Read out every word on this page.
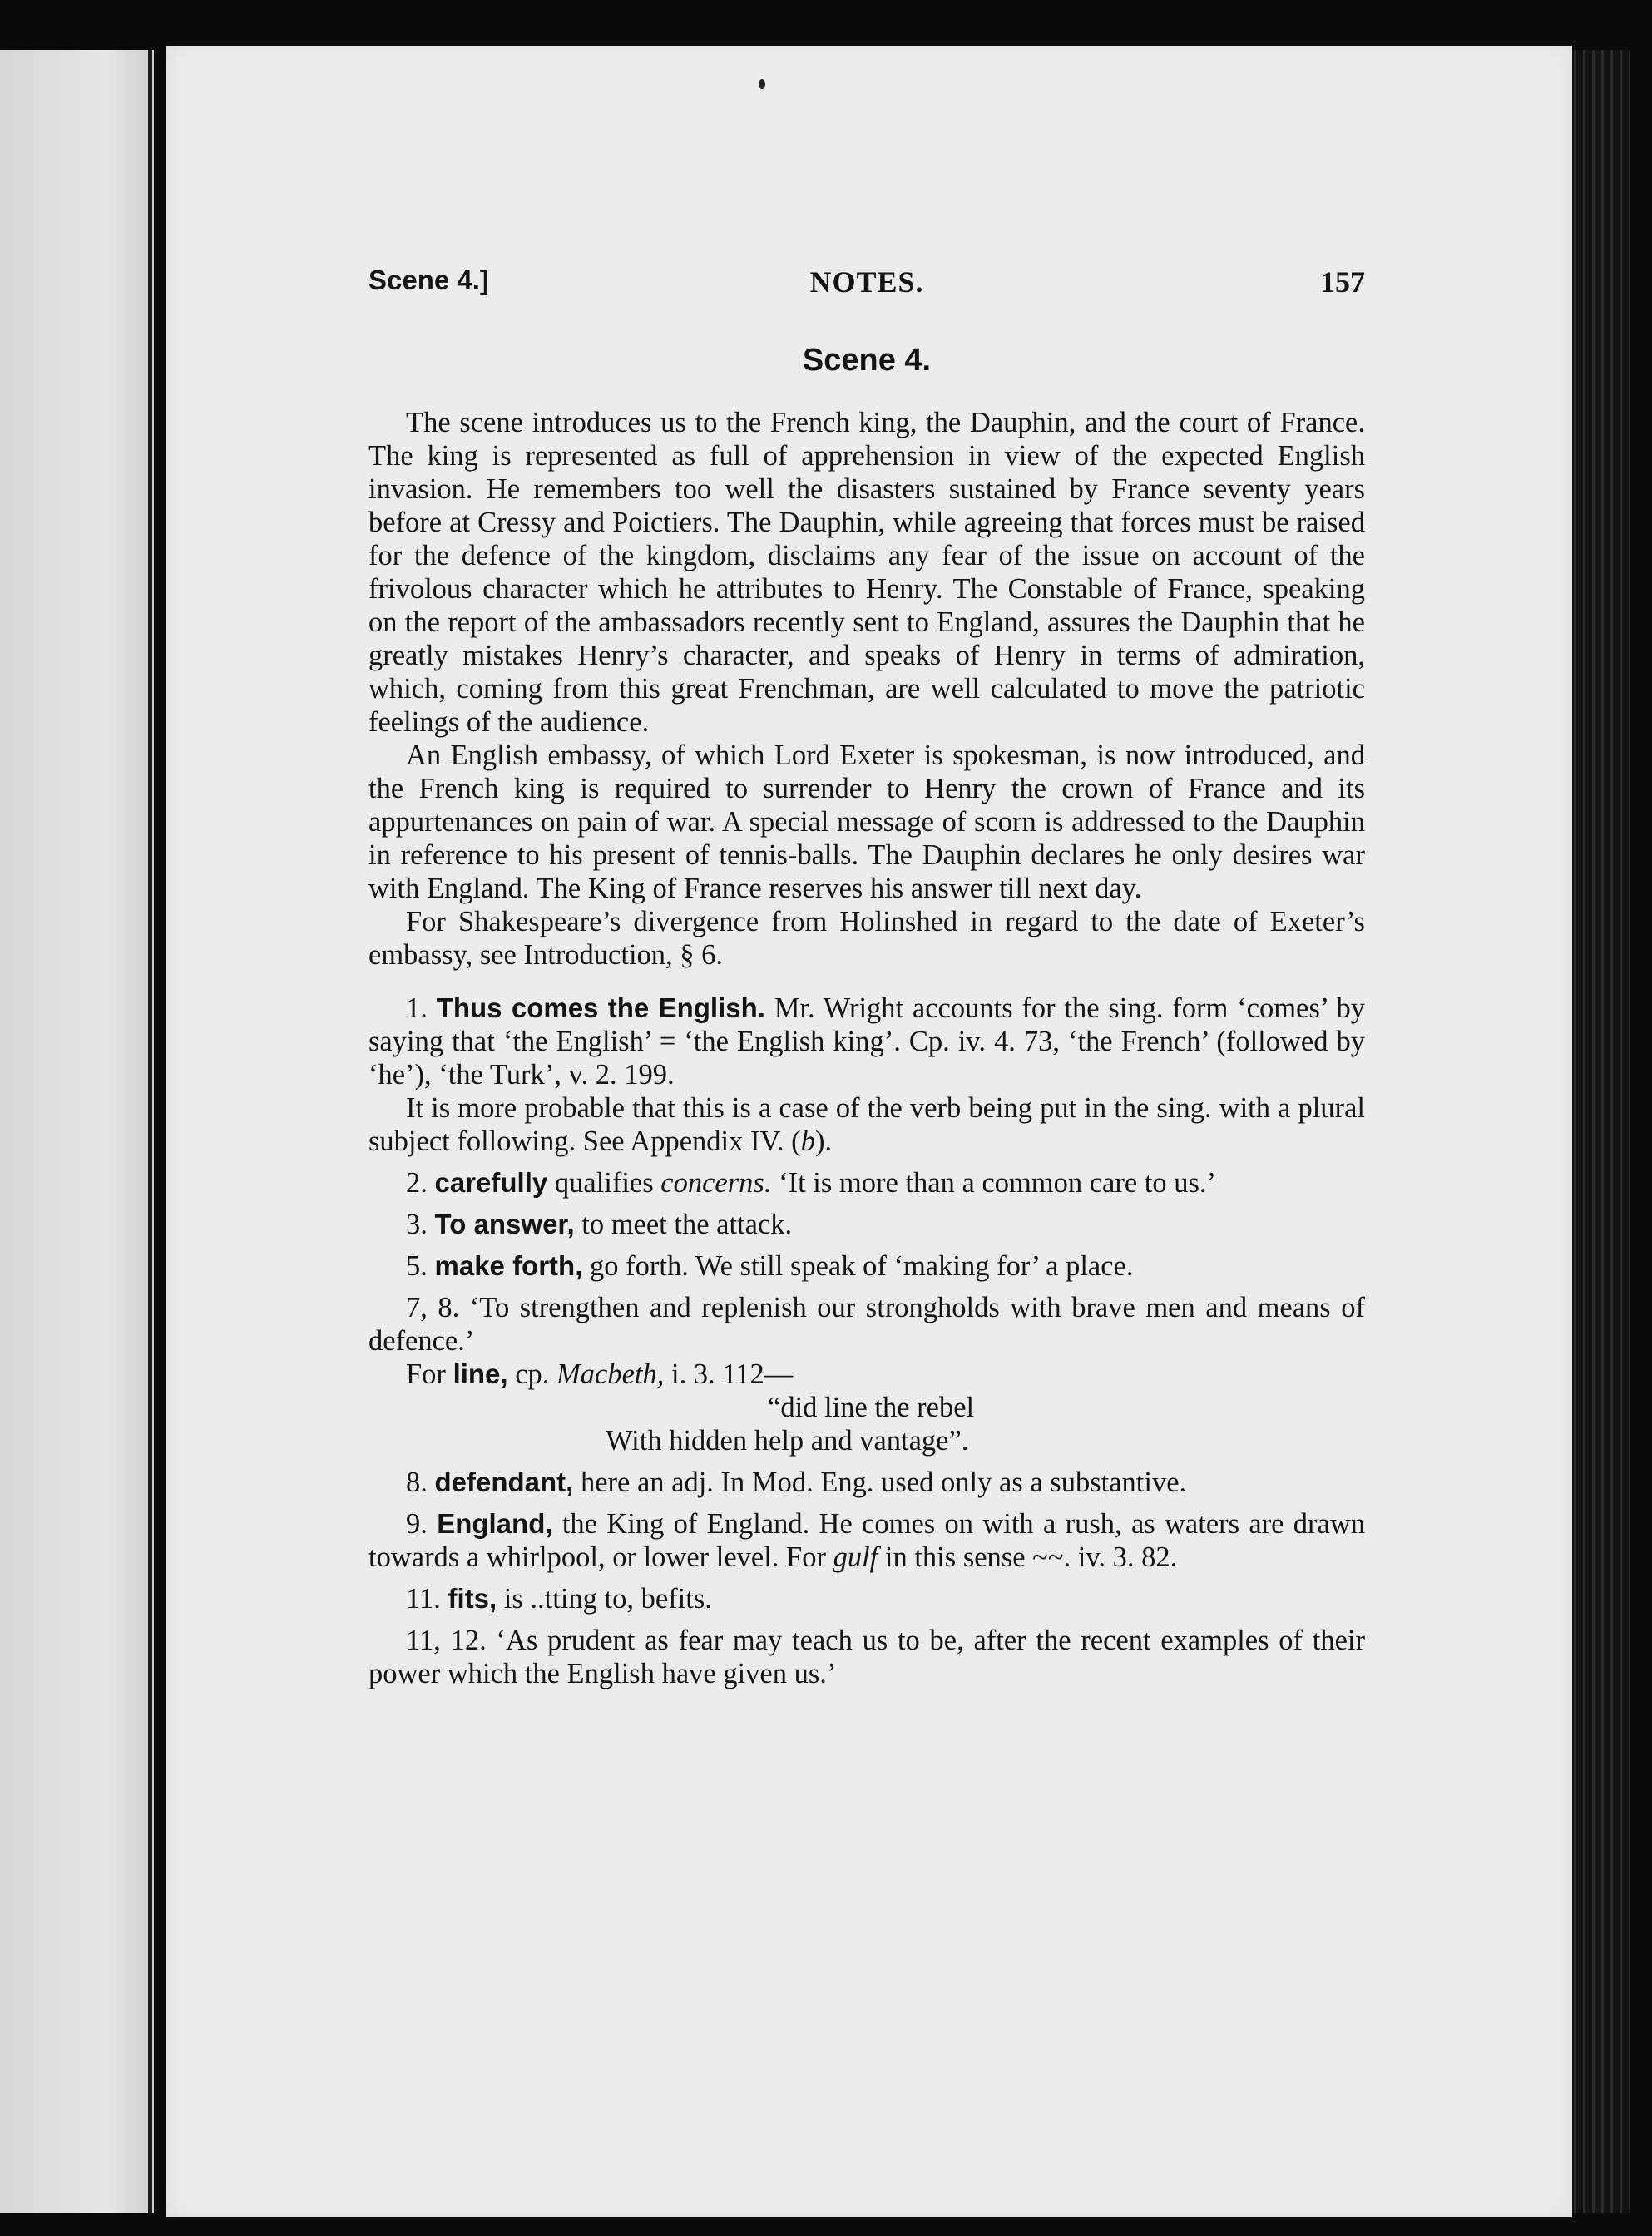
Scene 4.]	NOTES.	157
Scene 4.

The scene introduces us to the French king, the Dauphin, and the court of France. The king is represented as full of apprehension in view of the expected English invasion. He remembers too well the disasters sustained by France seventy years before at Cressy and Poictiers. The Dauphin, while agreeing that forces must be raised for the defence of the kingdom, disclaims any fear of the issue on account of the frivolous character which he attributes to Henry. The Constable of France, speaking on the report of the ambassadors recently sent to England, assures the Dauphin that he greatly mistakes Henry’s character, and speaks of Henry in terms of admiration, which, coming from this great Frenchman, are well calculated to move the patriotic feelings of the audience.

An English embassy, of which Lord Exeter is spokesman, is now introduced, and the French king is required to surrender to Henry the crown of France and its appurtenances on pain of war. A special message of scorn is addressed to the Dauphin in reference to his present of tennis-balls. The Dauphin declares he only desires war with England. The King of France reserves his answer till next day.

For Shakespeare’s divergence from Holinshed in regard to the date of Exeter’s embassy, see Introduction, § 6.

1. Thus comes the English. Mr. Wright accounts for the sing. form ‘comes’ by saying that ‘the English’ = ‘the English king’. Cp. iv. 4. 73, ‘the French’ (followed by ‘he’), ‘the Turk’, v. 2. 199.

It is more probable that this is a case of the verb being put in the sing. with a plural subject following. See Appendix IV. (b).

2. carefully qualifies concerns. ‘It is more than a common care to us.’

3. To answer, to meet the attack.

5. make forth, go forth. We still speak of ‘making for’ a place.

7, 8. ‘To strengthen and replenish our strongholds with brave men and means of defence.’

For line, cp. Macbeth, i. 3. 112—

“did line the rebel
With hidden help and vantage”.

8. defendant, here an adj. In Mod. Eng. used only as a substantive.

9. England, the King of England. He comes on with a rush, as waters are drawn towards a whirlpool, or lower level. For gulf in this sense ~~. iv. 3. 82.

11. fits, is ..tting to, befits.

11, 12. ‘As prudent as fear may teach us to be, after the recent examples of their power which the English have given us.’
